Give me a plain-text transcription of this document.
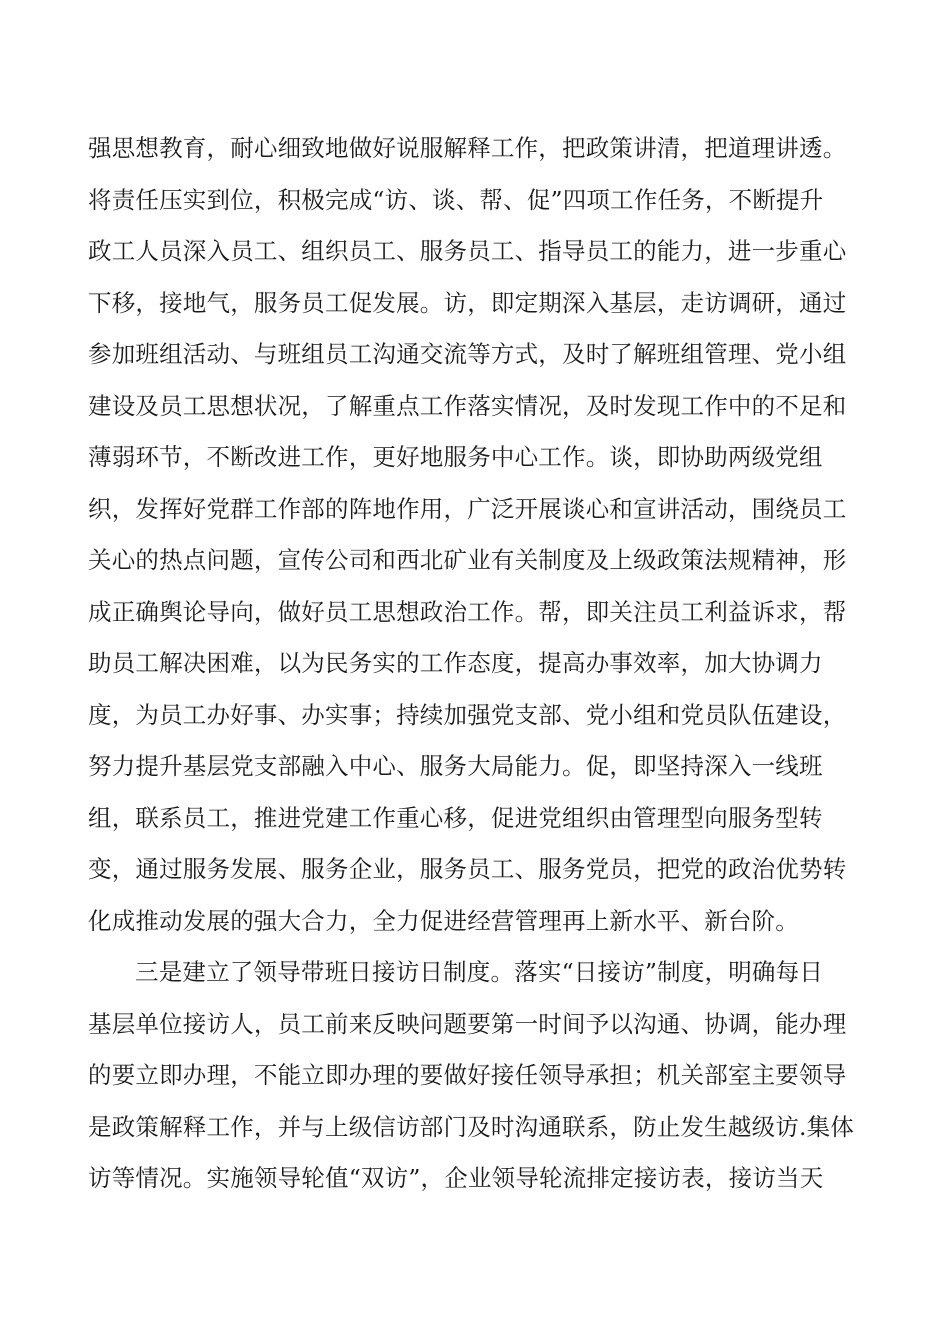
强思想教育，耐心细致地做好说服解释工作，把政策讲清，把道理讲透。
将责任压实到位，积极完成“访、谈、帮、促”四项工作任务，不断提升
政工人员深入员工、组织员工、服务员工、指导员工的能力，进一步重心
下移，接地气，服务员工促发展。访，即定期深入基层，走访调研，通过
参加班组活动、与班组员工沟通交流等方式，及时了解班组管理、党小组
建设及员工思想状况，了解重点工作落实情况，及时发现工作中的不足和
薄弱环节，不断改进工作，更好地服务中心工作。谈，即协助两级党组
织，发挥好党群工作部的阵地作用，广泛开展谈心和宣讲活动，围绕员工
关心的热点问题，宣传公司和西北矿业有关制度及上级政策法规精神，形
成正确舆论导向，做好员工思想政治工作。帮，即关注员工利益诉求，帮
助员工解决困难，以为民务实的工作态度，提高办事效率，加大协调力
度，为员工办好事、办实事；持续加强党支部、党小组和党员队伍建设，
努力提升基层党支部融入中心、服务大局能力。促，即坚持深入一线班
组，联系员工，推进党建工作重心移，促进党组织由管理型向服务型转
变，通过服务发展、服务企业，服务员工、服务党员，把党的政治优势转
化成推动发展的强大合力，全力促进经营管理再上新水平、新台阶。
三是建立了领导带班日接访日制度。落实“日接访”制度，明确每日
基层单位接访人，员工前来反映问题要第一时间予以沟通、协调，能办理
的要立即办理，不能立即办理的要做好接任领导承担；机关部室主要领导
是政策解释工作，并与上级信访部门及时沟通联系，防止发生越级访.集体
访等情况。实施领导轮值“双访”，企业领导轮流排定接访表，接访当天
